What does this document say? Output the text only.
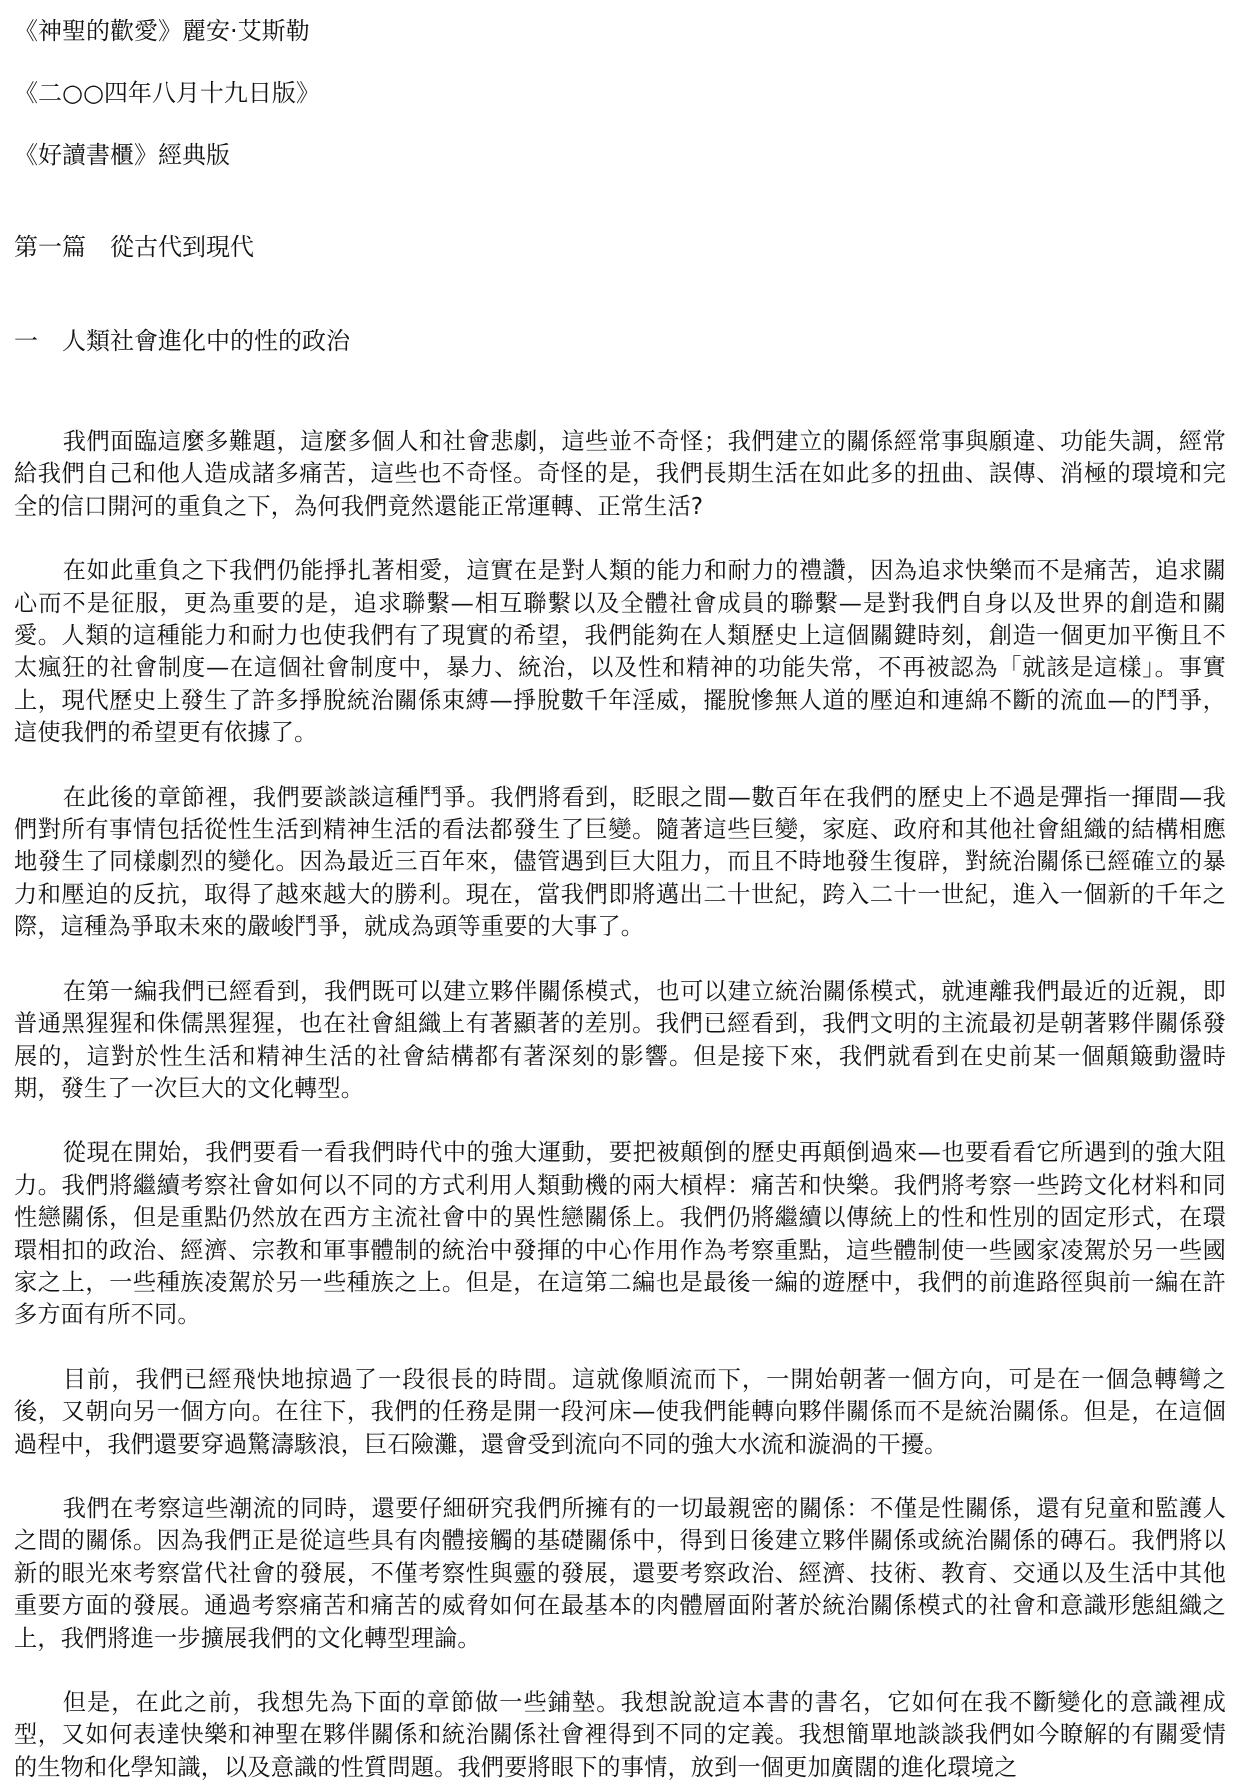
《神聖的歡愛》麗安·艾斯勒
《二○○四年八月十九日版》
《好讀書櫃》經典版
第一篇　從古代到現代
一　人類社會進化中的性的政治

我們面臨這麼多難題，這麼多個人和社會悲劇，這些並不奇怪；我們建立的關係經常事與願違、功能失調，經常給我們自己和他人造成諸多痛苦，這些也不奇怪。奇怪的是，我們長期生活在如此多的扭曲、誤傳、消極的環境和完全的信口開河的重負之下，為何我們竟然還能正常運轉、正常生活?

在如此重負之下我們仍能掙扎著相愛，這實在是對人類的能力和耐力的禮讚，因為追求快樂而不是痛苦，追求關心而不是征服，更為重要的是，追求聯繫—相互聯繫以及全體社會成員的聯繫—是對我們自身以及世界的創造和關愛。人類的這種能力和耐力也使我們有了現實的希望，我們能夠在人類歷史上這個關鍵時刻，創造一個更加平衡且不太瘋狂的社會制度—在這個社會制度中，暴力、統治，以及性和精神的功能失常，不再被認為「就該是這樣」。事實上，現代歷史上發生了許多掙脫統治關係束縛—掙脫數千年淫威，擺脫慘無人道的壓迫和連綿不斷的流血—的鬥爭，這使我們的希望更有依據了。

在此後的章節裡，我們要談談這種鬥爭。我們將看到，眨眼之間—數百年在我們的歷史上不過是彈指一揮間—我們對所有事情包括從性生活到精神生活的看法都發生了巨變。隨著這些巨變，家庭、政府和其他社會組織的結構相應地發生了同樣劇烈的變化。因為最近三百年來，儘管遇到巨大阻力，而且不時地發生復辟，對統治關係已經確立的暴力和壓迫的反抗，取得了越來越大的勝利。現在，當我們即將邁出二十世紀，跨入二十一世紀，進入一個新的千年之際，這種為爭取未來的嚴峻鬥爭，就成為頭等重要的大事了。

在第一編我們已經看到，我們既可以建立夥伴關係模式，也可以建立統治關係模式，就連離我們最近的近親，即普通黑猩猩和侏儒黑猩猩，也在社會組織上有著顯著的差別。我們已經看到，我們文明的主流最初是朝著夥伴關係發展的，這對於性生活和精神生活的社會結構都有著深刻的影響。但是接下來，我們就看到在史前某一個顛簸動盪時期，發生了一次巨大的文化轉型。

從現在開始，我們要看一看我們時代中的強大運動，要把被顛倒的歷史再顛倒過來—也要看看它所遇到的強大阻力。我們將繼續考察社會如何以不同的方式利用人類動機的兩大槓桿：痛苦和快樂。我們將考察一些跨文化材料和同性戀關係，但是重點仍然放在西方主流社會中的異性戀關係上。我們仍將繼續以傳統上的性和性別的固定形式，在環環相扣的政治、經濟、宗教和軍事體制的統治中發揮的中心作用作為考察重點，這些體制使一些國家凌駕於另一些國家之上，一些種族凌駕於另一些種族之上。但是，在這第二編也是最後一編的遊歷中，我們的前進路徑與前一編在許多方面有所不同。

目前，我們已經飛快地掠過了一段很長的時間。這就像順流而下，一開始朝著一個方向，可是在一個急轉彎之後，又朝向另一個方向。在往下，我們的任務是開一段河床—使我們能轉向夥伴關係而不是統治關係。但是，在這個過程中，我們還要穿過驚濤駭浪，巨石險灘，還會受到流向不同的強大水流和漩渦的干擾。

我們在考察這些潮流的同時，還要仔細研究我們所擁有的一切最親密的關係：不僅是性關係，還有兒童和監護人之間的關係。因為我們正是從這些具有肉體接觸的基礎關係中，得到日後建立夥伴關係或統治關係的磚石。我們將以新的眼光來考察當代社會的發展，不僅考察性與靈的發展，還要考察政治、經濟、技術、教育、交通以及生活中其他重要方面的發展。通過考察痛苦和痛苦的威脅如何在最基本的肉體層面附著於統治關係模式的社會和意識形態組織之上，我們將進一步擴展我們的文化轉型理論。

但是，在此之前，我想先為下面的章節做一些鋪墊。我想說說這本書的書名，它如何在我不斷變化的意識裡成型，又如何表達快樂和神聖在夥伴關係和統治關係社會裡得到不同的定義。我想簡單地談談我們如今瞭解的有關愛情的生物和化學知識，以及意識的性質問題。我們要將眼下的事情，放到一個更加廣闊的進化環境之
